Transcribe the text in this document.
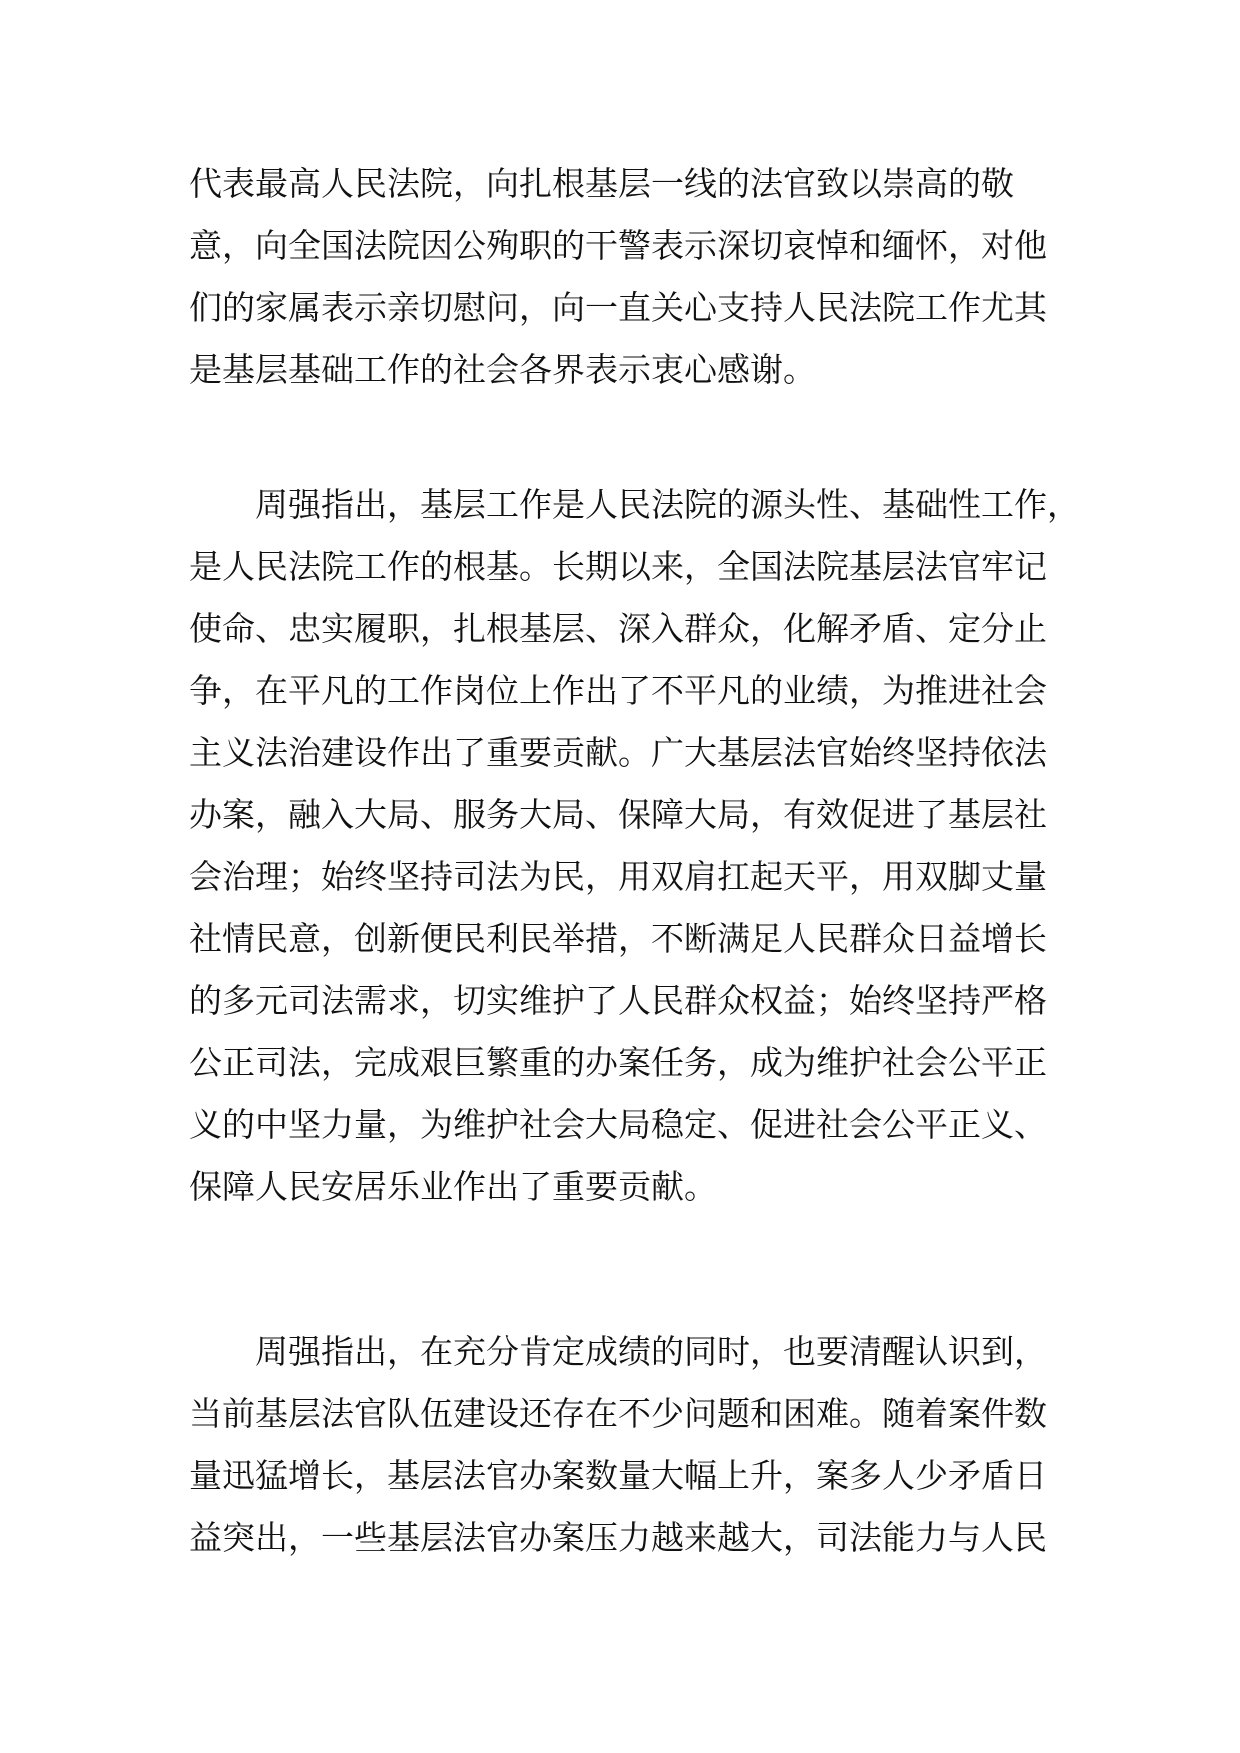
代表最高人民法院，向扎根基层一线的法官致以崇高的敬
意，向全国法院因公殉职的干警表示深切哀悼和缅怀，对他
们的家属表示亲切慰问，向一直关心支持人民法院工作尤其
是基层基础工作的社会各界表示衷心感谢。
周强指出，基层工作是人民法院的源头性、基础性工作，
是人民法院工作的根基。长期以来，全国法院基层法官牢记
使命、忠实履职，扎根基层、深入群众，化解矛盾、定分止
争，在平凡的工作岗位上作出了不平凡的业绩，为推进社会
主义法治建设作出了重要贡献。广大基层法官始终坚持依法
办案，融入大局、服务大局、保障大局，有效促进了基层社
会治理；始终坚持司法为民，用双肩扛起天平，用双脚丈量
社情民意，创新便民利民举措，不断满足人民群众日益增长
的多元司法需求，切实维护了人民群众权益；始终坚持严格
公正司法，完成艰巨繁重的办案任务，成为维护社会公平正
义的中坚力量，为维护社会大局稳定、促进社会公平正义、
保障人民安居乐业作出了重要贡献。
周强指出，在充分肯定成绩的同时，也要清醒认识到，
当前基层法官队伍建设还存在不少问题和困难。随着案件数
量迅猛增长，基层法官办案数量大幅上升，案多人少矛盾日
益突出，一些基层法官办案压力越来越大，司法能力与人民
